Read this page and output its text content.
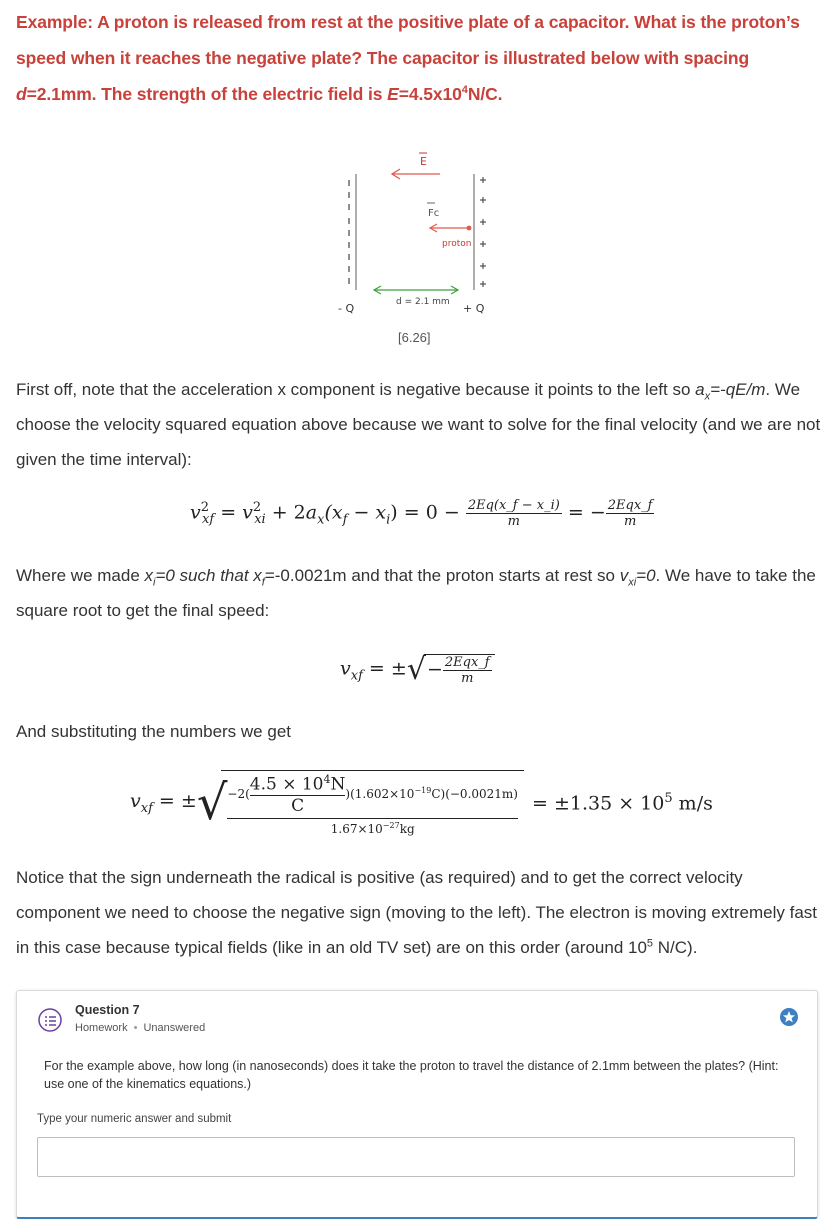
Example: A proton is released from rest at the positive plate of a capacitor. What is the proton’s
speed when it reaches the negative plate? The capacitor is illustrated below with spacing
d=2.1mm. The strength of the electric field is $E=4.5x10^4N/C$.
E
Fc
proton
d = 2.1 mm
- Q	+ Q
[6.26]
First off, note that the acceleration x component is negative because it points to the left so $a_x=-qE/m$. We choose the velocity squared equation above because we want to solve for the final velocity (and we are not given the time interval):
$v^2_{xf} = v^2_{xi} + 2a_x(x_f - x_i) = 0 - \frac{2Eq(x\_f - x\_i)}{m}$ = − $\frac{\text{2Eqx\_f}}{m}$
Where we made $x_i=0$ such that $x_f=-0.0021m$ and that the proton starts at rest so $v_{xi}=0$. We have to take the square root to get the final speed:
$v_{xf}$ = ±√− $\frac{\text{2Eqx\_f}}{m}$
And substituting the numbers we get
$v_{xf}$ = ±√ $\frac{-2( \frac{4.5 \times 10^4N}{C} )(1.602\times 10^{-19}C)(-0.0021m)}{1.67\times 10^{-27}kg} = \pm 1.35 \times 10^5$ m/s
Notice that the sign underneath the radical is positive (as required) and to get the correct velocity component we need to choose the negative sign (moving to the left). The electron is moving extremely fast in this case because typical fields (like in an old TV set) are on this order (around $10^5$ N/C).
Question 7
Homework • Unanswered
For the example above, how long (in nanoseconds) does it take the proton to travel the distance of 2.1mm between the plates? (Hint: use one of the kinematics equations.)
Type your numeric answer and submit
